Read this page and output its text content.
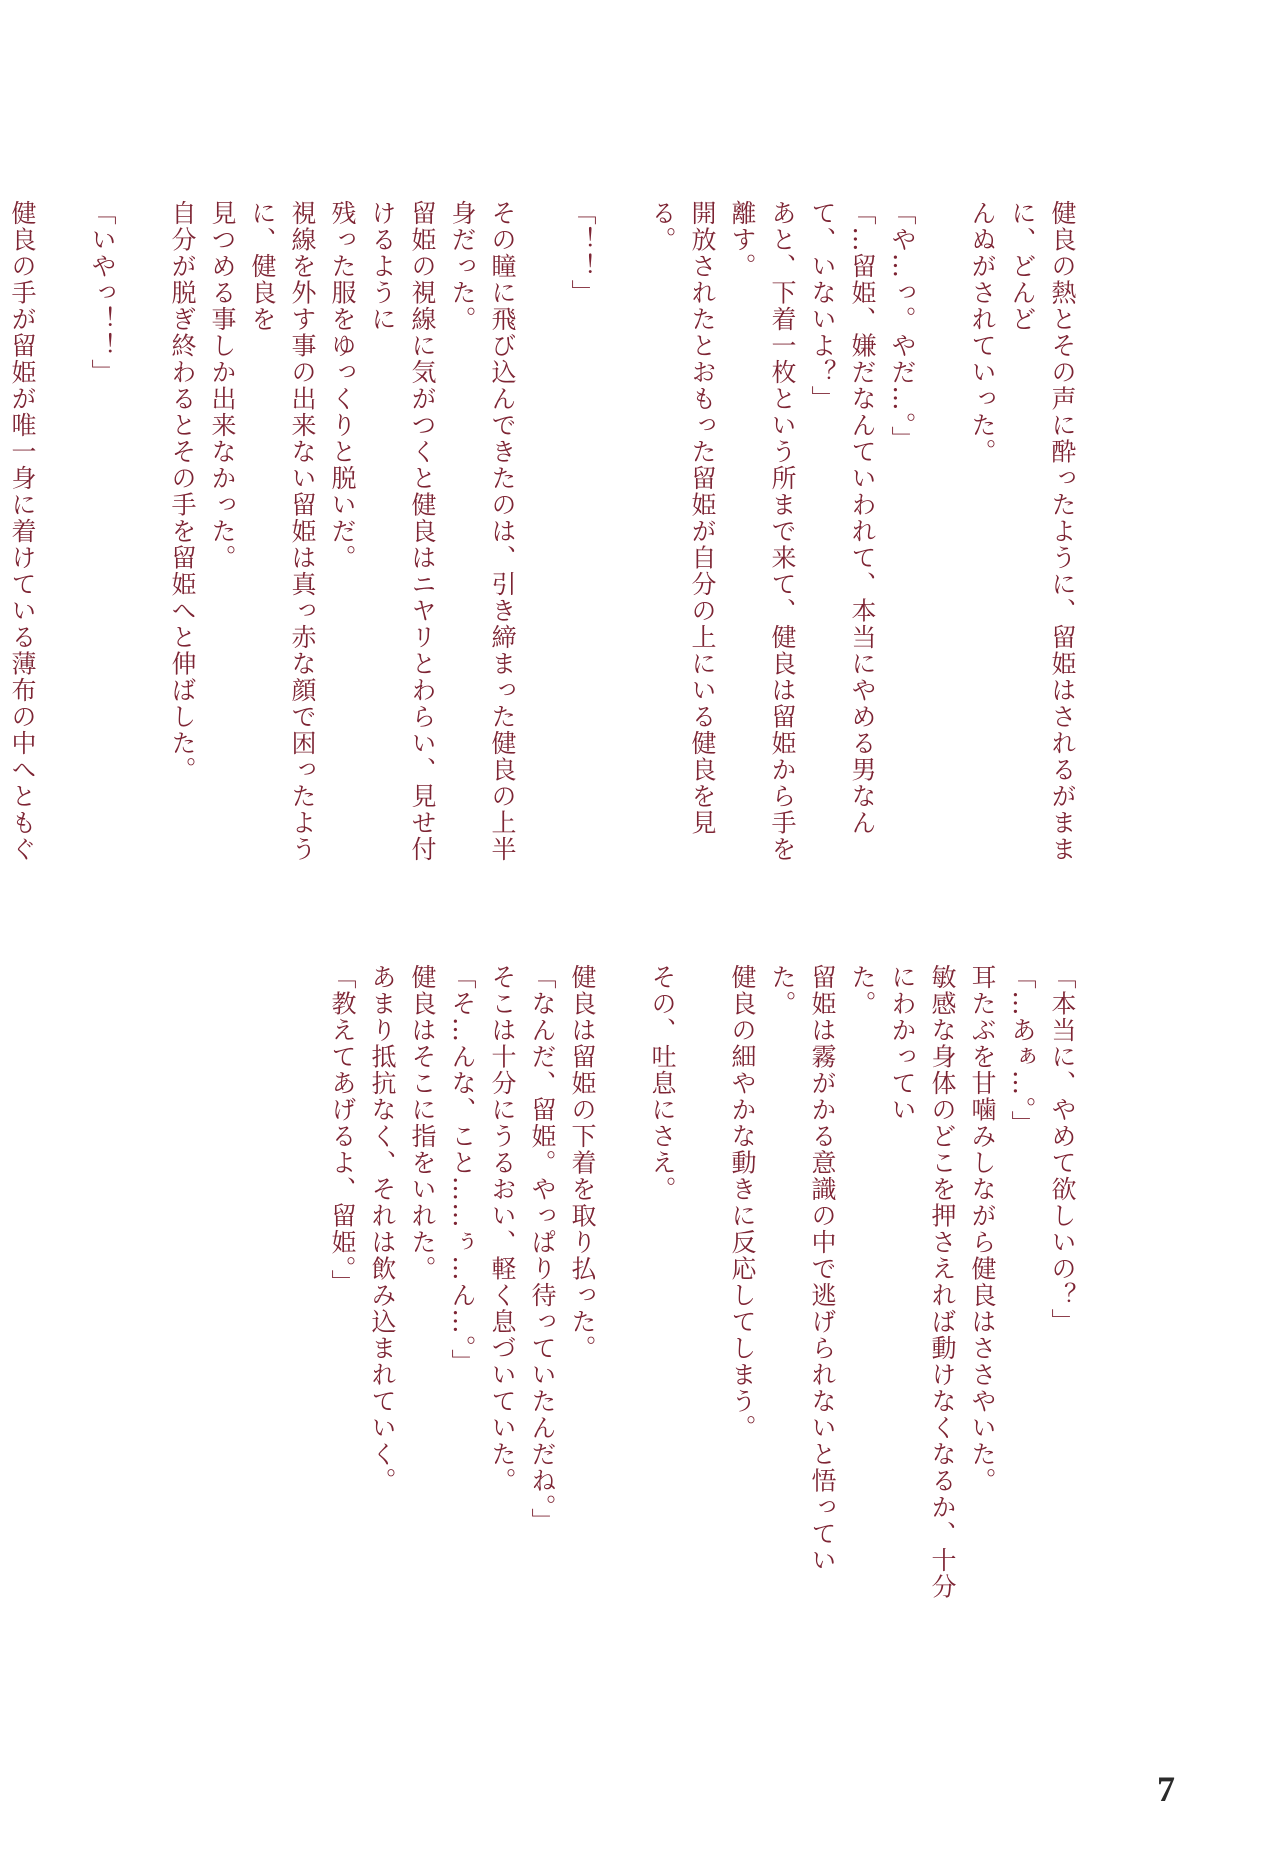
健良の熱とその声に酔ったように、留姫はされるがままに、どんど

んぬがされていった。

「や…っ。やだ…。」

「…留姫、嫌だなんていわれて、本当にやめる男なんて、いないよ？」

あと、下着一枚という所まで来て、健良は留姫から手を離す。

開放されたとおもった留姫が自分の上にいる健良を見る。

「！！」

その瞳に飛び込んできたのは、引き締まった健良の上半身だった。

留姫の視線に気がつくと健良はニヤリとわらい、見せ付けるように

残った服をゆっくりと脱いだ。

視線を外す事の出来ない留姫は真っ赤な顔で困ったように、健良を

見つめる事しか出来なかった。

自分が脱ぎ終わるとその手を留姫へと伸ばした。

「いやっ！！」

健良の手が留姫が唯一身に着けている薄布の中へともぐ

「本当に、やめて欲しいの？」

「…あぁ…。」

耳たぶを甘噛みしながら健良はささやいた。

敏感な身体のどこを押さえれば動けなくなるか、十分にわかってい

た。

留姫は霧がかる意識の中で逃げられないと悟っていた。

健良の細やかな動きに反応してしまう。

その、吐息にさえ。

健良は留姫の下着を取り払った。

「なんだ、留姫。やっぱり待っていたんだね。」

そこは十分にうるおい、軽く息づいていた。

「そ…んな、こと……ぅ…ん…。」

健良はそこに指をいれた。

あまり抵抗なく、それは飲み込まれていく。

「教えてあげるよ、留姫。」

7
